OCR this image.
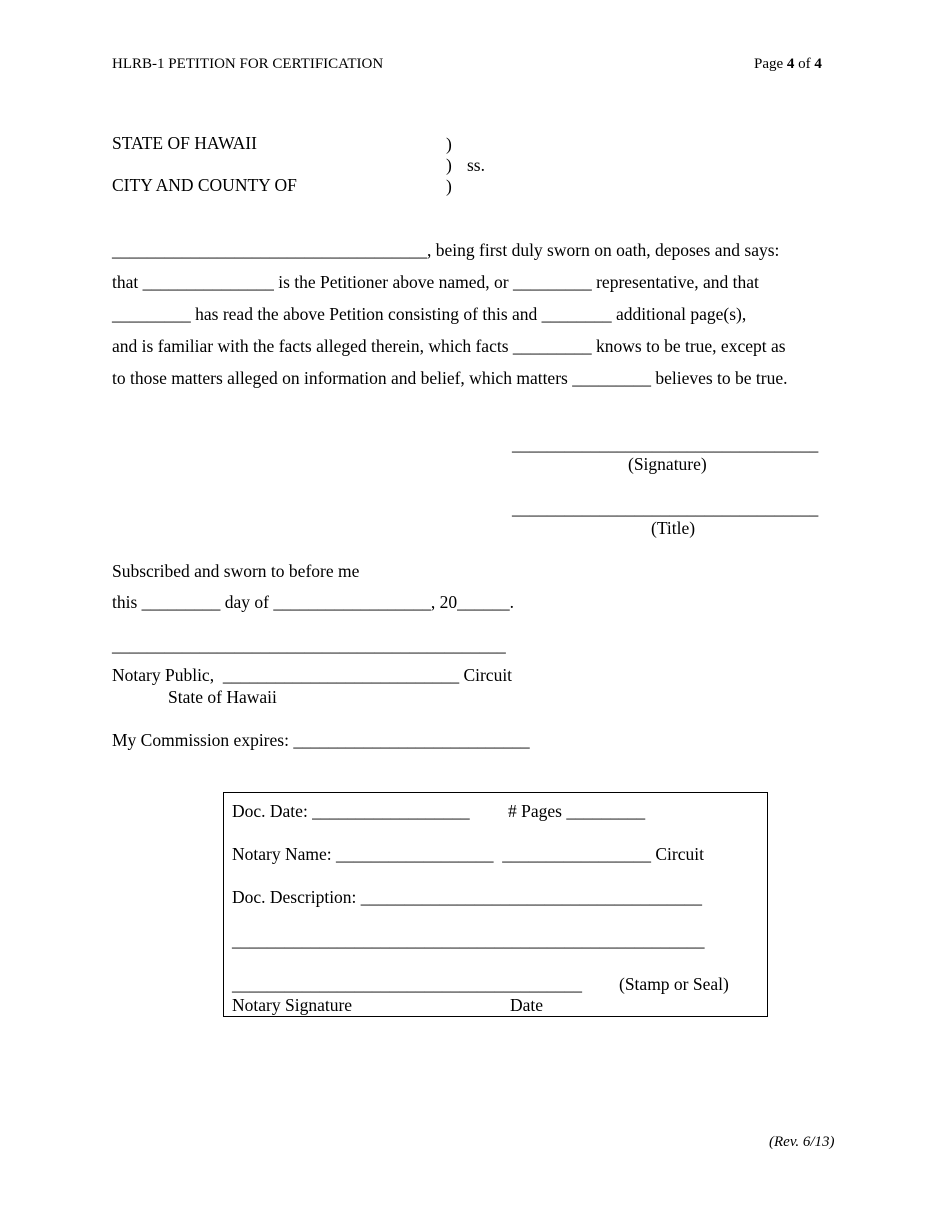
HLRB-1 PETITION FOR CERTIFICATION	Page 4 of 4
STATE OF HAWAII	)
) ss.
)
CITY AND COUNTY OF
____________________________________, being first duly sworn on oath, deposes and says:
that _______________ is the Petitioner above named, or _________ representative, and that
_________ has read the above Petition consisting of this and ________ additional page(s),
and is familiar with the facts alleged therein, which facts _________ knows to be true, except as
to those matters alleged on information and belief, which matters _________ believes to be true.
___________________________________
(Signature)
___________________________________
(Title)
Subscribed and sworn to before me
this _________ day of __________________, 20______.
_____________________________________________
Notary Public,  ___________________________ Circuit
State of Hawaii
My Commission expires: ___________________________
Doc. Date: __________________ # Pages _________
Notary Name: __________________  _________________ Circuit
Doc. Description: _______________________________________
______________________________________________________
________________________________________ (Stamp or Seal)
Notary Signature	Date
(Rev. 6/13)
